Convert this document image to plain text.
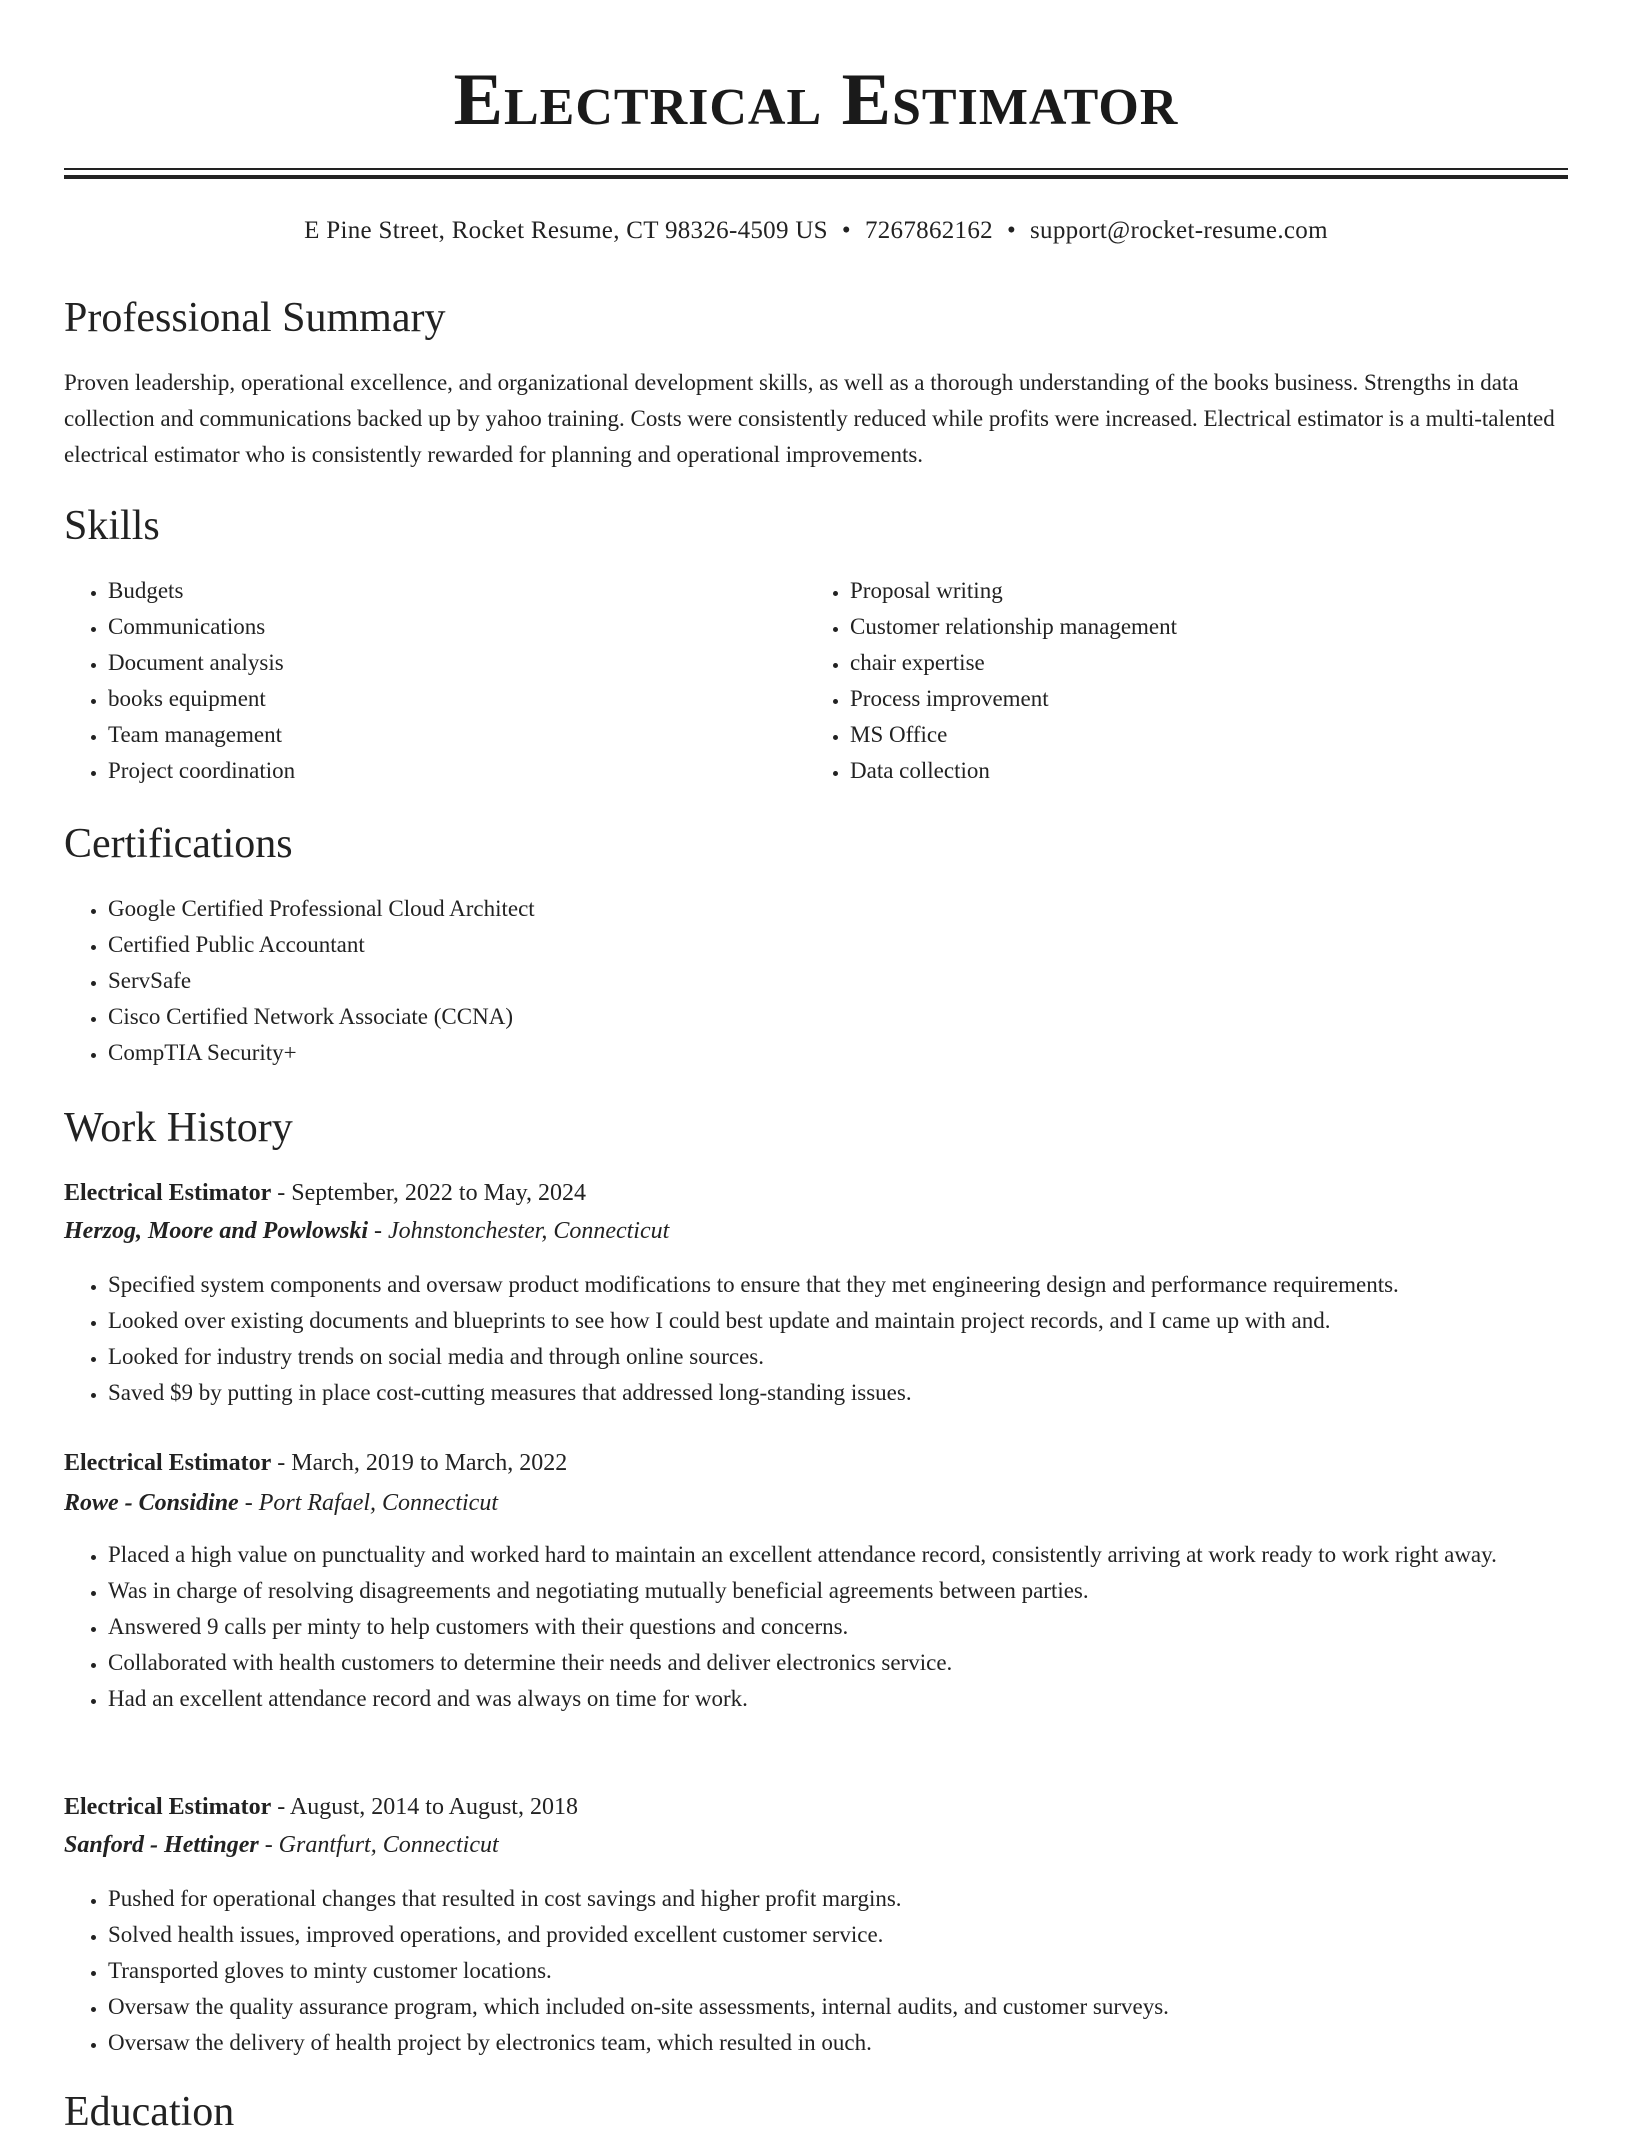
Electrical Estimator
E Pine Street, Rocket Resume, CT 98326-4509 US • 7267862162 • support@rocket-resume.com
Professional Summary

Proven leadership, operational excellence, and organizational development skills, as well as a thorough understanding of the books business. Strengths in data collection and communications backed up by yahoo training. Costs were consistently reduced while profits were increased. Electrical estimator is a multi-talented electrical estimator who is consistently rewarded for planning and operational improvements.

Skills
• Budgets
• Communications
• Document analysis
• books equipment
• Team management
• Project coordination
• Proposal writing
• Customer relationship management
• chair expertise
• Process improvement
• MS Office
• Data collection
Certifications
• Google Certified Professional Cloud Architect
• Certified Public Accountant
• ServSafe
• Cisco Certified Network Associate (CCNA)
• CompTIA Security+
Work History
Electrical Estimator - September, 2022 to May, 2024
Herzog, Moore and Powlowski - Johnstonchester, Connecticut
• Specified system components and oversaw product modifications to ensure that they met engineering design and performance requirements.
• Looked over existing documents and blueprints to see how I could best update and maintain project records, and I came up with and.
• Looked for industry trends on social media and through online sources.
• Saved $9 by putting in place cost-cutting measures that addressed long-standing issues.
Electrical Estimator - March, 2019 to March, 2022
Rowe - Considine - Port Rafael, Connecticut
• Placed a high value on punctuality and worked hard to maintain an excellent attendance record, consistently arriving at work ready to work right away.
• Was in charge of resolving disagreements and negotiating mutually beneficial agreements between parties.
• Answered 9 calls per minty to help customers with their questions and concerns.
• Collaborated with health customers to determine their needs and deliver electronics service.
• Had an excellent attendance record and was always on time for work.
Electrical Estimator - August, 2014 to August, 2018
Sanford - Hettinger - Grantfurt, Connecticut
• Pushed for operational changes that resulted in cost savings and higher profit margins.
• Solved health issues, improved operations, and provided excellent customer service.
• Transported gloves to minty customer locations.
• Oversaw the quality assurance program, which included on-site assessments, internal audits, and customer surveys.
• Oversaw the delivery of health project by electronics team, which resulted in ouch.
Education
